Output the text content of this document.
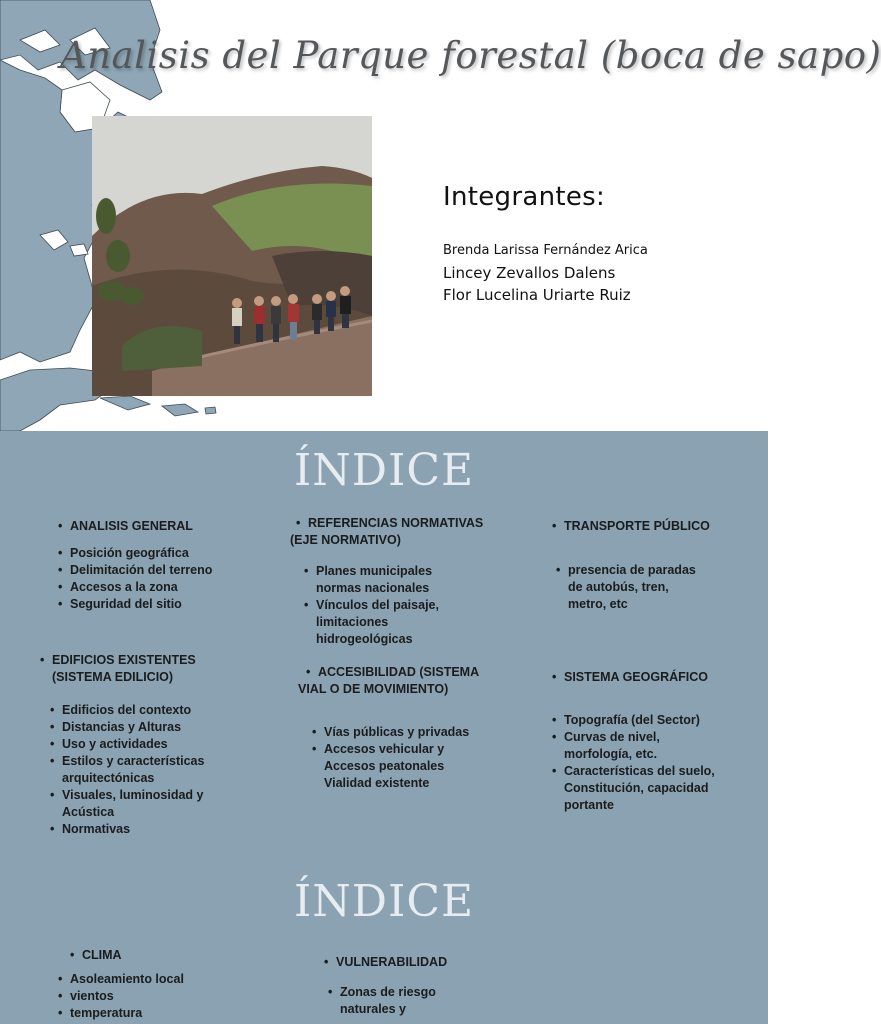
Analisis del Parque forestal (boca de sapo)
Integrantes:
Brenda Larissa Fernández Arica
Lincey Zevallos Dalens
Flor Lucelina Uriarte Ruiz
ÍNDICE
• ANALISIS GENERAL
• Posición geográfica
• Delimitación del terreno
• Accesos a la zona
• Seguridad del sitio
• REFERENCIAS NORMATIVAS
(EJE NORMATIVO)
• Planes municipales
normas nacionales
• Vínculos del paisaje,
limitaciones
hidrogeológicas
• TRANSPORTE PÚBLICO
• presencia de paradas
de autobús, tren,
metro, etc
• EDIFICIOS EXISTENTES
(SISTEMA EDILICIO)
• Edificios del contexto
• Distancias y Alturas
• Uso y actividades
• Estilos y características
arquitectónicas
• Visuales, luminosidad y
Acústica
• Normativas
• ACCESIBILIDAD (SISTEMA
VIAL O DE MOVIMIENTO)
• Vías públicas y privadas
• Accesos vehicular y
Accesos peatonales
Vialidad existente
• SISTEMA GEOGRÁFICO
• Topografía (del Sector)
• Curvas de nivel,
morfología, etc.
• Características del suelo,
Constitución, capacidad
portante
ÍNDICE
• CLIMA
• Asoleamiento local
• vientos
• temperatura
• VULNERABILIDAD
• Zonas de riesgo
naturales y
